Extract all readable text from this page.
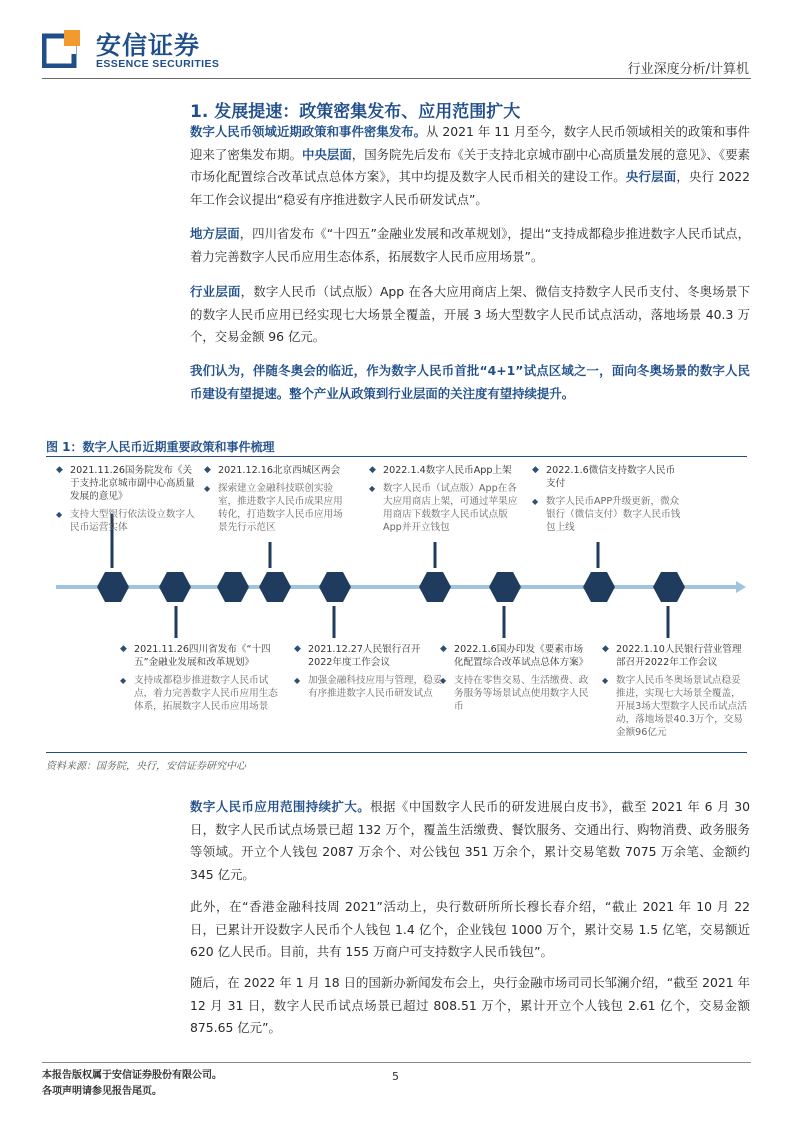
安信证券
ESSENCE SECURITIES	行业深度分析/计算机
1. 发展提速：政策密集发布、应用范围扩大
数字人民币领域近期政策和事件密集发布。从 2021 年 11 月至今，数字人民币领域相关的政策和事件迎来了密集发布期。中央层面，国务院先后发布《关于支持北京城市副中心高质量发展的意见》、《要素市场化配置综合改革试点总体方案》，其中均提及数字人民币相关的建设工作。央行层面，央行 2022 年工作会议提出“稳妥有序推进数字人民币研发试点”。
地方层面，四川省发布《“十四五”金融业发展和改革规划》，提出“支持成都稳步推进数字人民币试点，着力完善数字人民币应用生态体系，拓展数字人民币应用场景”。
行业层面，数字人民币（试点版）App 在各大应用商店上架、微信支持数字人民币支付、冬奥场景下的数字人民币应用已经实现七大场景全覆盖，开展 3 场大型数字人民币试点活动，落地场景 40.3 万个，交易金额 96 亿元。
我们认为，伴随冬奥会的临近，作为数字人民币首批“4+1”试点区域之一，面向冬奥场景的数字人民币建设有望提速。整个产业从政策到行业层面的关注度有望持续提升。
图 1：数字人民币近期重要政策和事件梳理
◆ 2021.11.26国务院发布《关于支持北京城市副中心高质量发展的意见》
◆ 支持大型银行依法设立数字人民币运营实体
◆ 2021.12.16北京西城区两会
◆ 探索建立金融科技联创实验室，推进数字人民币成果应用转化，打造数字人民币应用场景先行示范区
◆ 2022.1.4数字人民币App上架
◆ 数字人民币（试点版）App在各大应用商店上架，可通过苹果应用商店下载数字人民币试点版App并开立钱包
◆ 2022.1.6微信支持数字人民币支付
◆ 数字人民币APP升级更新，微众银行（微信支付）数字人民币钱包上线
◆ 2021.11.26四川省发布《“十四五”金融业发展和改革规划》
◆ 支持成都稳步推进数字人民币试点，着力完善数字人民币应用生态体系，拓展数字人民币应用场景
◆ 2021.12.27人民银行召开2022年度工作会议
◆ 加强金融科技应用与管理，稳妥有序推进数字人民币研发试点
◆ 2022.1.6国办印发《要素市场化配置综合改革试点总体方案》
◆ 支持在零售交易、生活缴费、政务服务等场景试点使用数字人民币
◆ 2022.1.10人民银行营业管理部召开2022年工作会议
◆ 数字人民币冬奥场景试点稳妥推进，实现七大场景全覆盖，开展3场大型数字人民币试点活动，落地场景40.3万个，交易金额96亿元
资料来源：国务院，央行，安信证券研究中心
数字人民币应用范围持续扩大。根据《中国数字人民币的研发进展白皮书》，截至 2021 年 6 月 30 日，数字人民币试点场景已超 132 万个，覆盖生活缴费、餐饮服务、交通出行、购物消费、政务服务等领域。开立个人钱包 2087 万余个、对公钱包 351 万余个，累计交易笔数 7075 万余笔、金额约 345 亿元。
此外，在“香港金融科技周 2021”活动上，央行数研所所长穆长春介绍，“截止 2021 年 10 月 22 日，已累计开设数字人民币个人钱包 1.4 亿个，企业钱包 1000 万个，累计交易 1.5 亿笔，交易额近 620 亿人民币。目前，共有 155 万商户可支持数字人民币钱包”。
随后，在 2022 年 1 月 18 日的国新办新闻发布会上，央行金融市场司司长邹澜介绍，“截至 2021 年 12 月 31 日，数字人民币试点场景已超过 808.51 万个，累计开立个人钱包 2.61 亿个，交易金额 875.65 亿元”。
本报告版权属于安信证券股份有限公司。
各项声明请参见报告尾页。
5
